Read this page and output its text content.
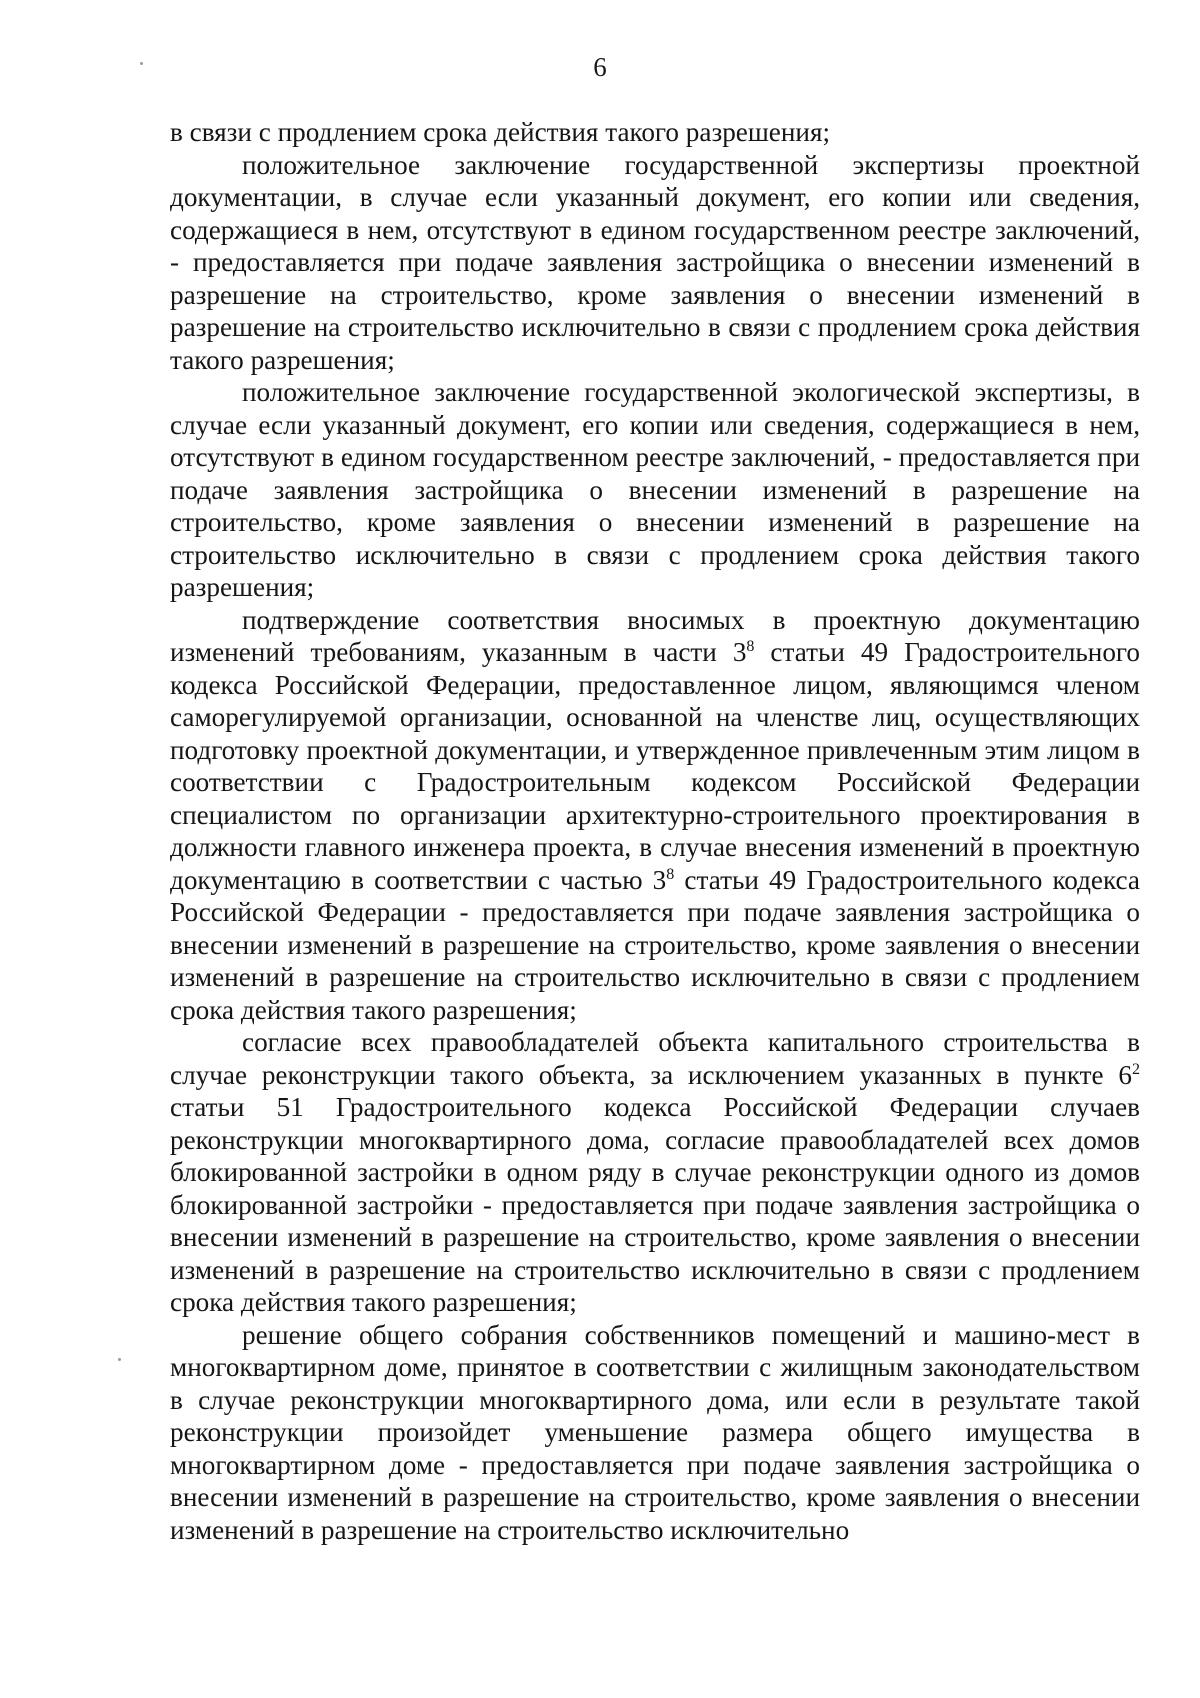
6

в связи с продлением срока действия такого разрешения;

положительное заключение государственной экспертизы проектной документации, в случае если указанный документ, его копии или сведения, содержащиеся в нем, отсутствуют в едином государственном реестре заключений, - предоставляется при подаче заявления застройщика о внесении изменений в разрешение на строительство, кроме заявления о внесении изменений в разрешение на строительство исключительно в связи с продлением срока действия такого разрешения;

положительное заключение государственной экологической экспертизы, в случае если указанный документ, его копии или сведения, содержащиеся в нем, отсутствуют в едином государственном реестре заключений, - предоставляется при подаче заявления застройщика о внесении изменений в разрешение на строительство, кроме заявления о внесении изменений в разрешение на строительство исключительно в связи с продлением срока действия такого разрешения;

подтверждение соответствия вносимых в проектную документацию изменений требованиям, указанным в части 3$^8$ статьи 49 Градостроительного кодекса Российской Федерации, предоставленное лицом, являющимся членом саморегулируемой организации, основанной на членстве лиц, осуществляющих подготовку проектной документации, и утвержденное привлеченным этим лицом в соответствии с Градостроительным кодексом Российской Федерации специалистом по организации архитектурно-строительного проектирования в должности главного инженера проекта, в случае внесения изменений в проектную документацию в соответствии с частью 3$^8$ статьи 49 Градостроительного кодекса Российской Федерации - предоставляется при подаче заявления застройщика о внесении изменений в разрешение на строительство, кроме заявления о внесении изменений в разрешение на строительство исключительно в связи с продлением срока действия такого разрешения;

согласие всех правообладателей объекта капитального строительства в случае реконструкции такого объекта, за исключением указанных в пункте 6$^2$ статьи 51 Градостроительного кодекса Российской Федерации случаев реконструкции многоквартирного дома, согласие правообладателей всех домов блокированной застройки в одном ряду в случае реконструкции одного из домов блокированной застройки - предоставляется при подаче заявления застройщика о внесении изменений в разрешение на строительство, кроме заявления о внесении изменений в разрешение на строительство исключительно в связи с продлением срока действия такого разрешения;

решение общего собрания собственников помещений и машино-мест в многоквартирном доме, принятое в соответствии с жилищным законодательством в случае реконструкции многоквартирного дома, или если в результате такой реконструкции произойдет уменьшение размера общего имущества в многоквартирном доме - предоставляется при подаче заявления застройщика о внесении изменений в разрешение на строительство, кроме заявления о внесении изменений в разрешение на строительство исключительно
